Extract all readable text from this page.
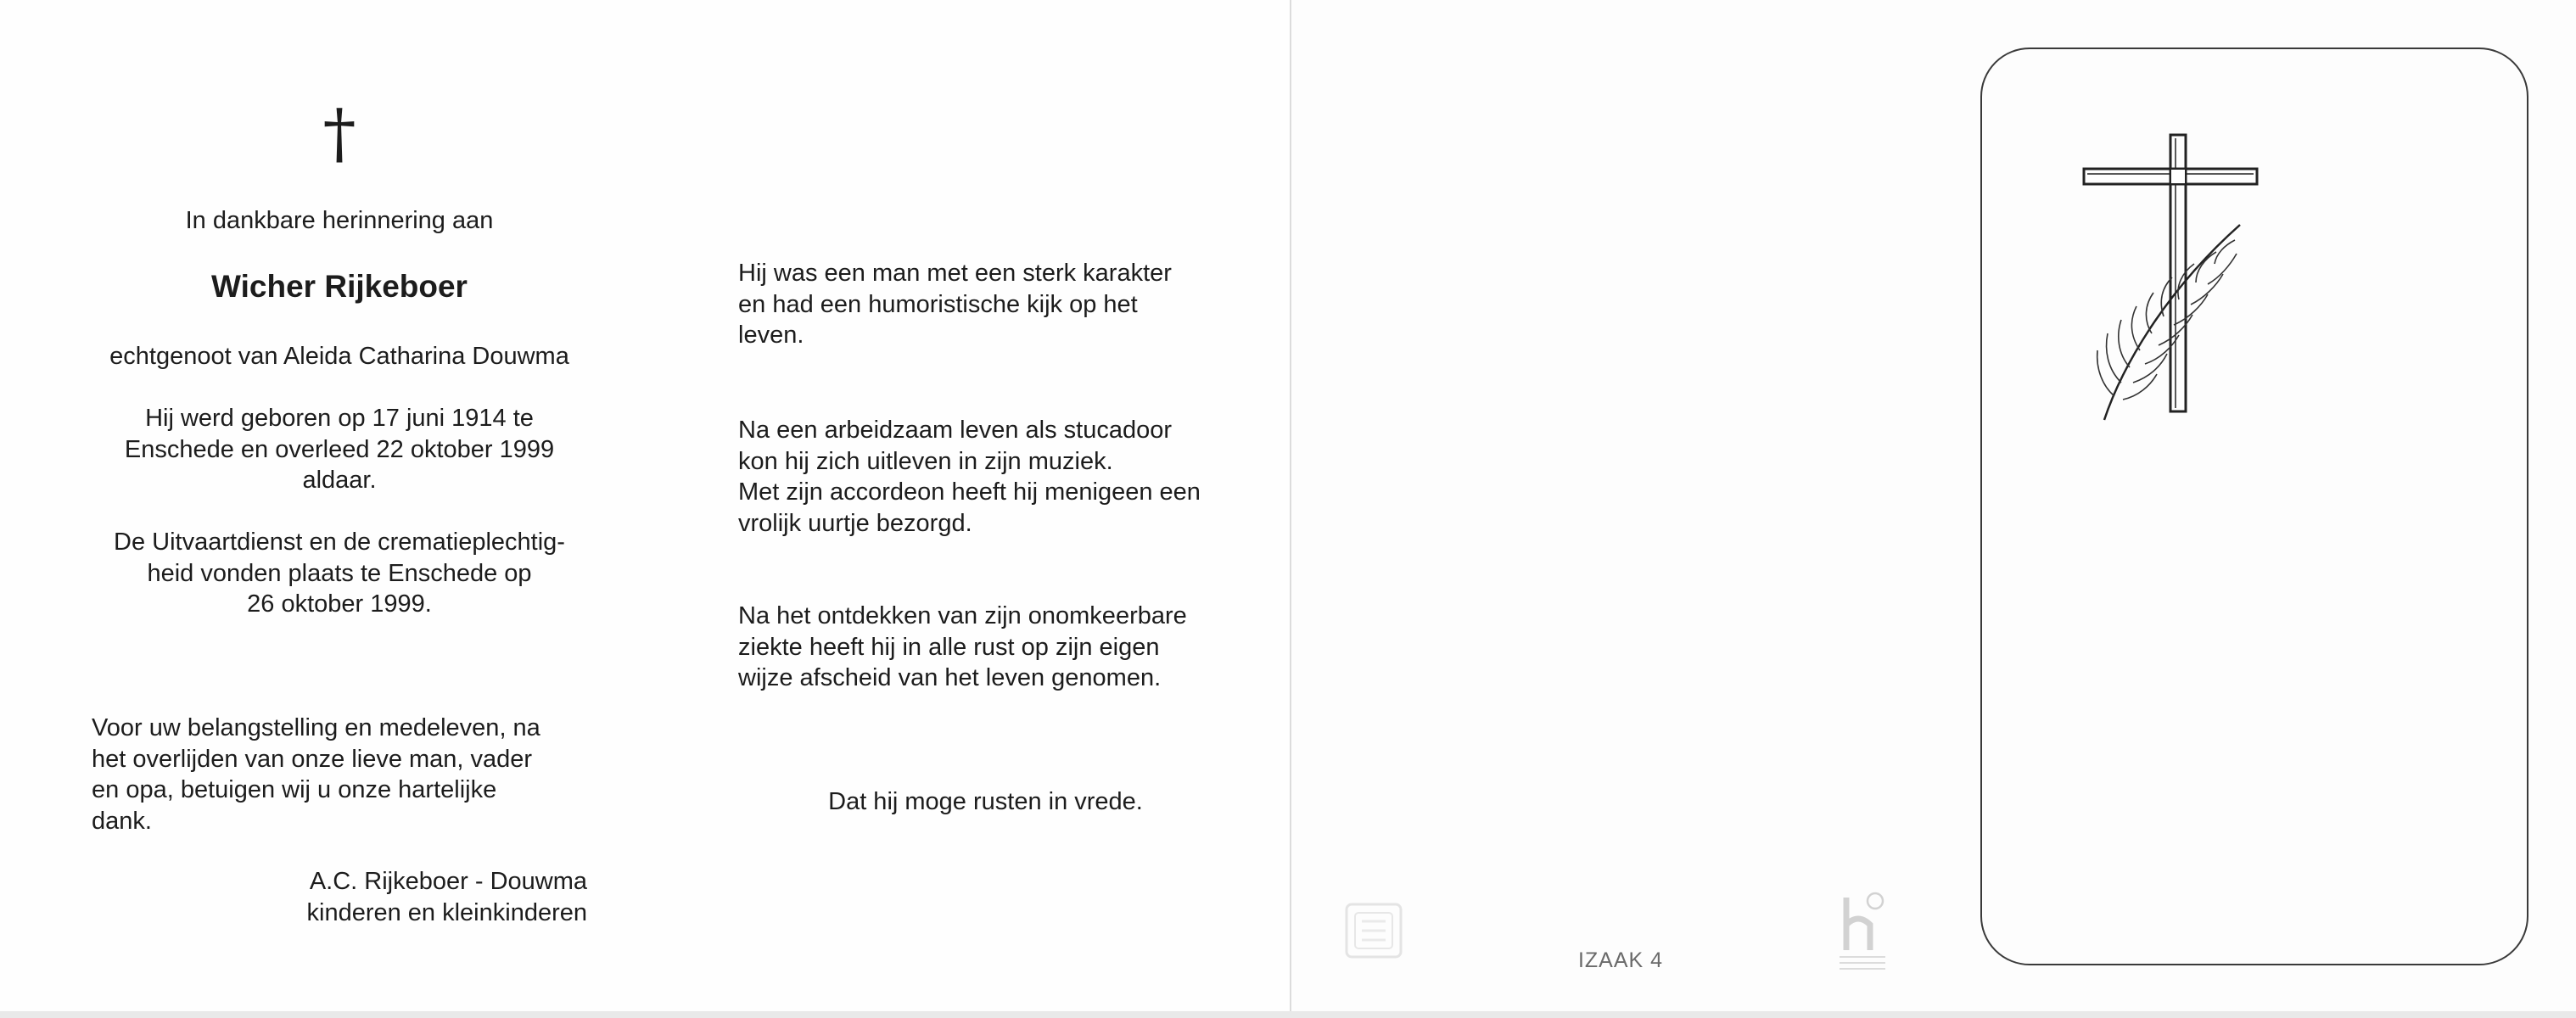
†
In dankbare herinnering aan
Wicher Rijkeboer
echtgenoot van Aleida Catharina Douwma
Hij werd geboren op 17 juni 1914 te
Enschede en overleed 22 oktober 1999
aldaar.
De Uitvaartdienst en de crematieplechtig-
heid vonden plaats te Enschede op
26 oktober 1999.
Voor uw belangstelling en medeleven, na
het overlijden van onze lieve man, vader
en opa, betuigen wij u onze hartelijke
dank.
A.C. Rijkeboer - Douwma
kinderen en kleinkinderen
Hij was een man met een sterk karakter
en had een humoristische kijk op het
leven.
Na een arbeidzaam leven als stucadoor
kon hij zich uitleven in zijn muziek.
Met zijn accordeon heeft hij menigeen een
vrolijk uurtje bezorgd.
Na het ontdekken van zijn onomkeerbare
ziekte heeft hij in alle rust op zijn eigen
wijze afscheid van het leven genomen.
Dat hij moge rusten in vrede.
IZAAK 4
